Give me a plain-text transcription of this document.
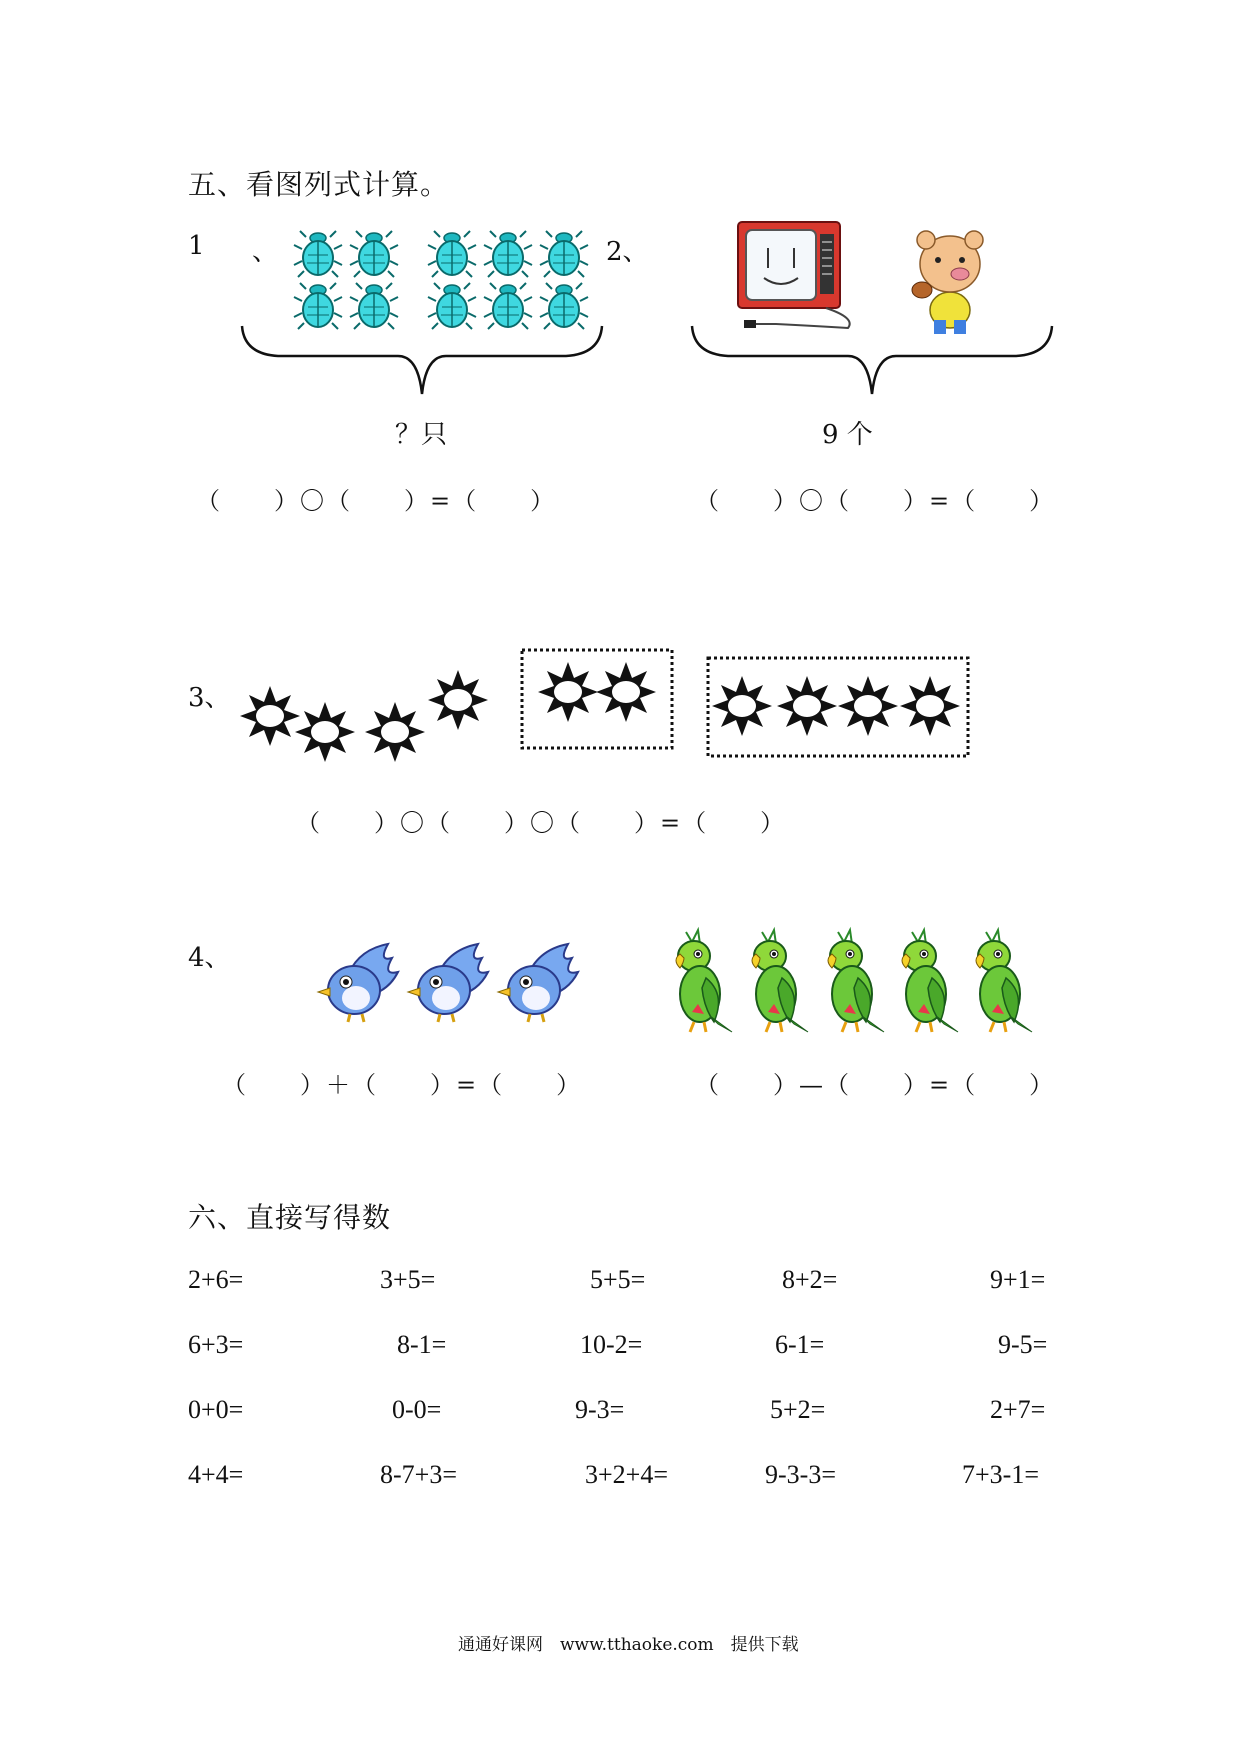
五、看图列式计算。
1 、
？只
（　　）〇（　　）=（　　）
2、
9 个
（　　）〇（　　）=（　　）
3、
（　　）〇（　　）〇（　　）=（　　）
4、
（　　）＋（　　）=（　　）	（　　）—（　　）=（　　）
六、直接写得数
2+6=	3+5=	5+5=	8+2=	9+1=
6+3=	8-1=	10-2=	6-1=	9-5=
0+0=	0-0=	9-3=	5+2=	2+7=
4+4=	8-7+3=	3+2+4=	9-3-3=	7+3-1=
通通好课网　www.tthaoke.com　提供下载
